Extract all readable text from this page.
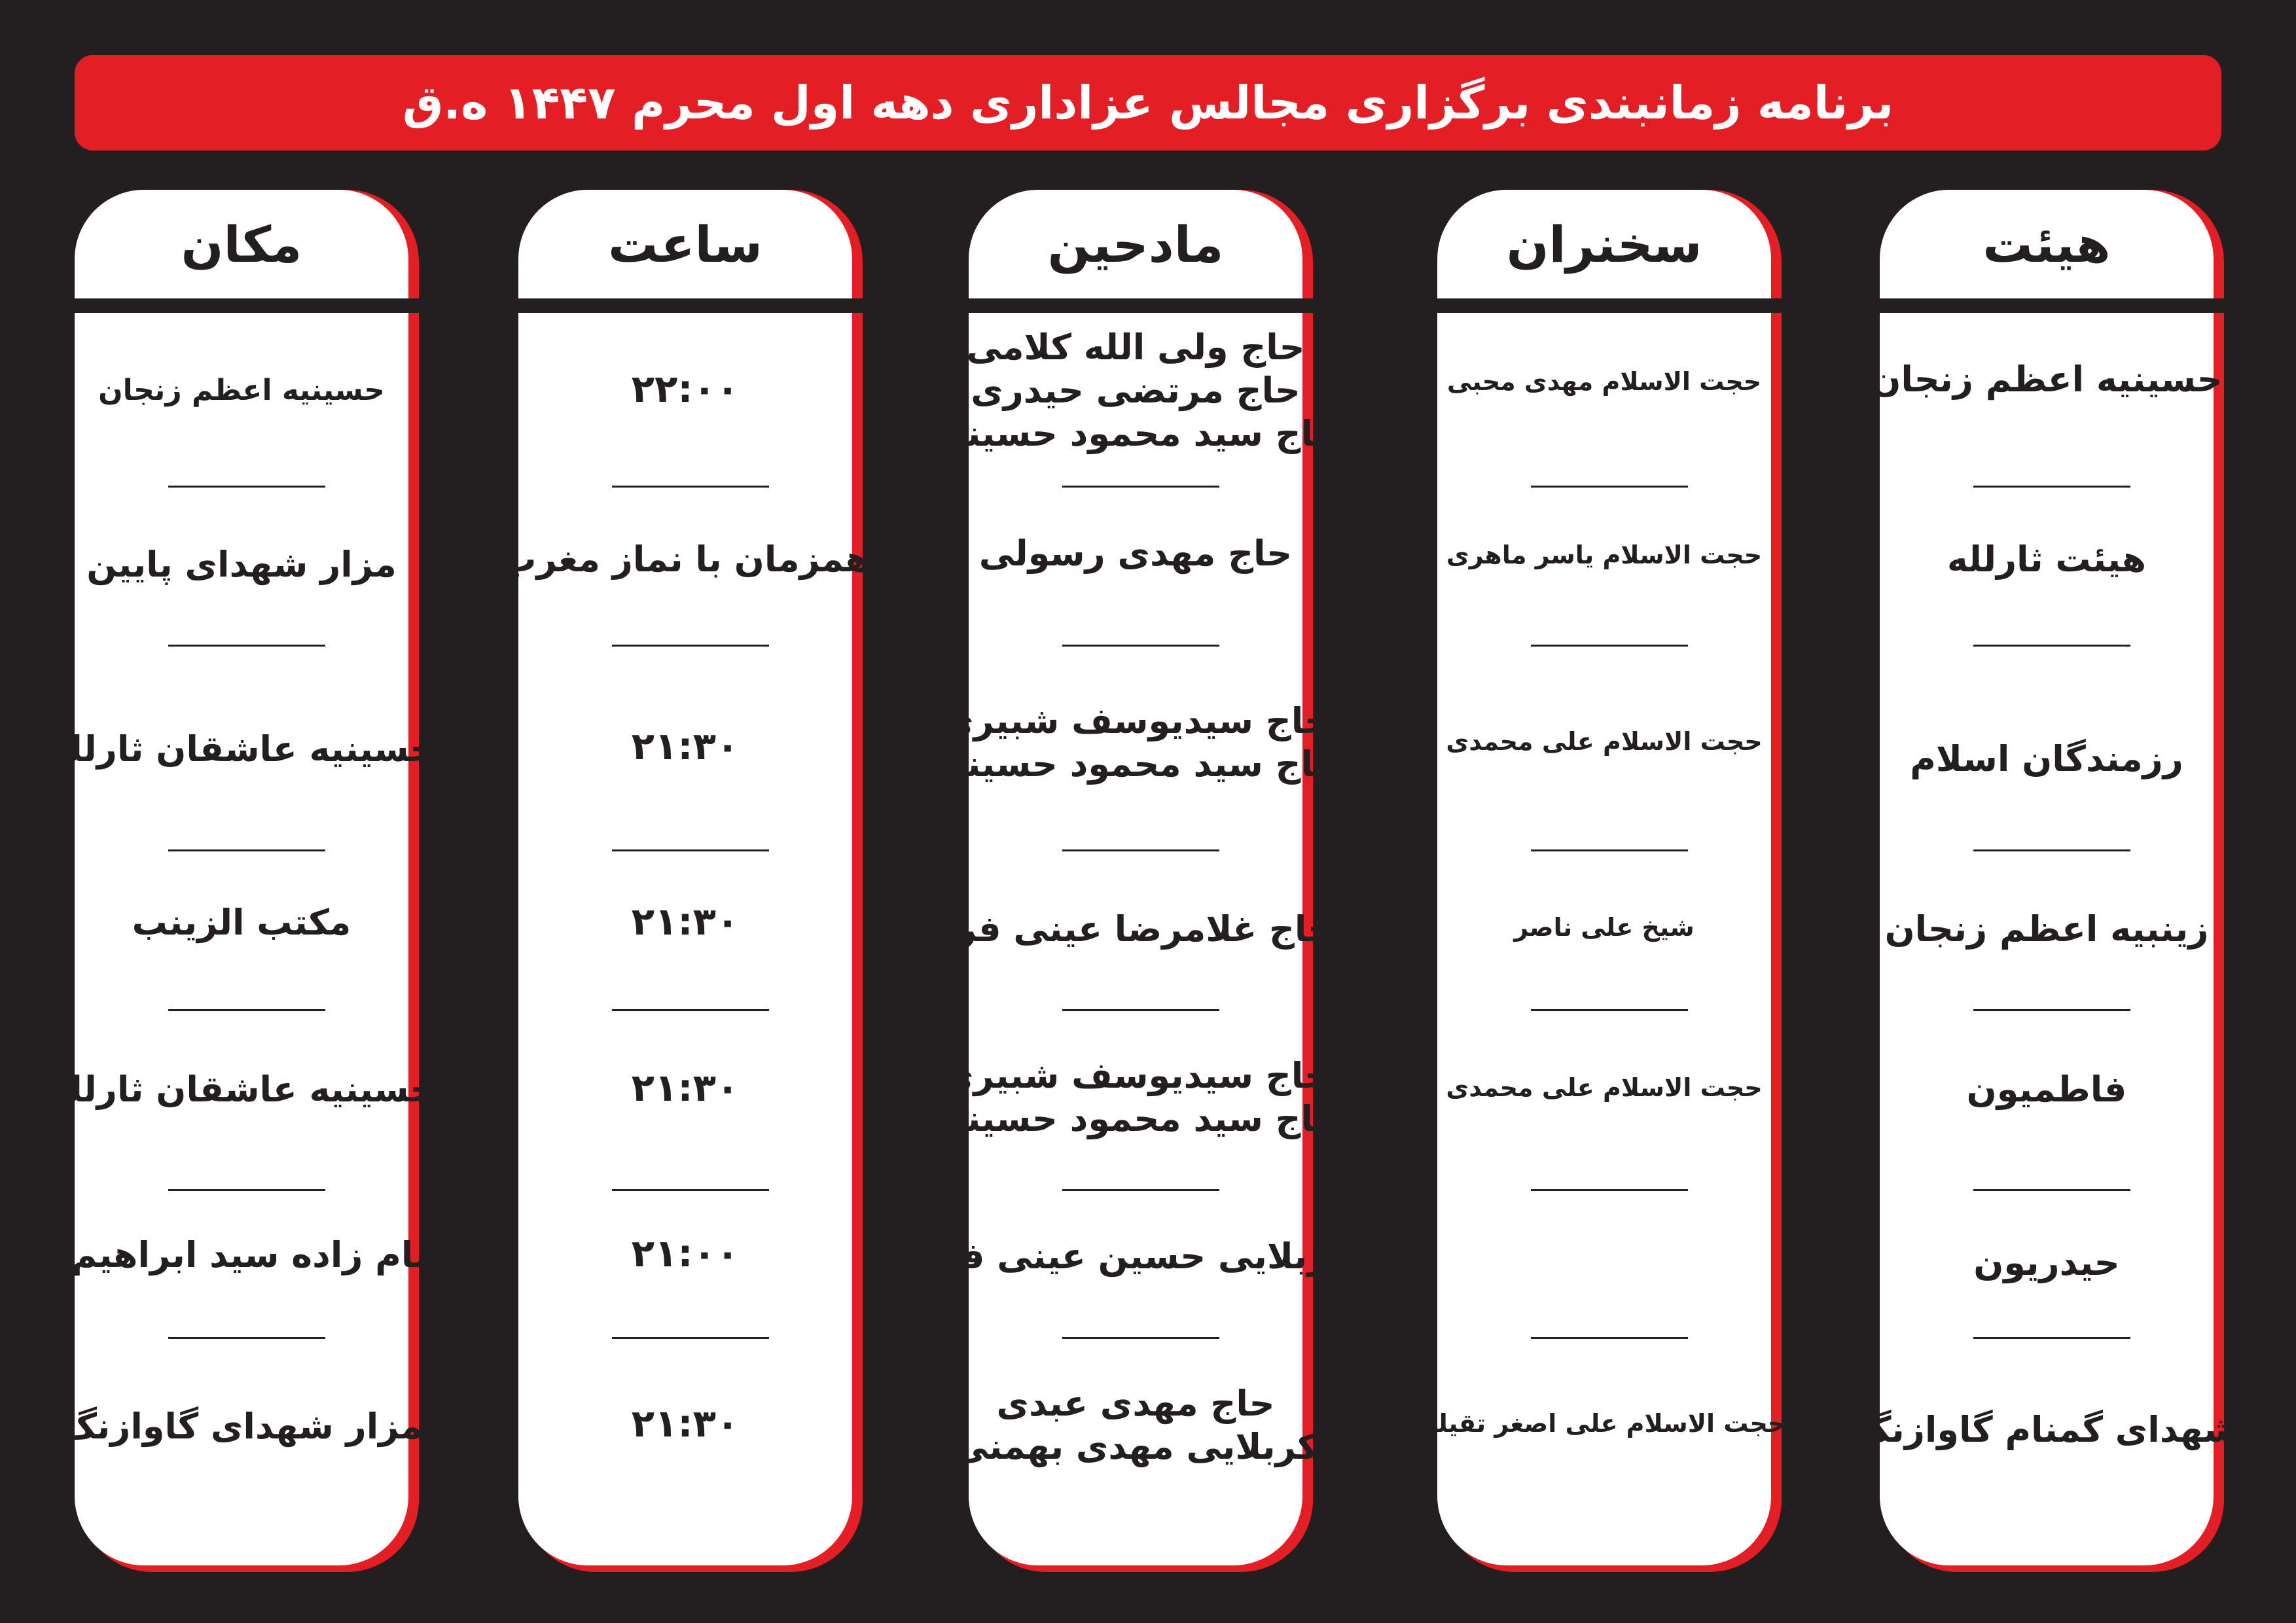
برنامه زمانبندی برگزاری مجالس عزاداری دهه اول محرم ۱۴۴۷ ه.ق
مکان
حسینیه اعظم زنجان
مزار شهدای پایین
حسینیه عاشقان ثارلله
مکتب الزینب
حسینیه عاشقان ثارلله
امام زاده سید ابراهیم ع
مزار شهدای گاوازنگ
ساعت
۲۲:۰۰
همزمان با نماز مغرب
۲۱:۳۰
۲۱:۳۰
۲۱:۳۰
۲۱:۰۰
۲۱:۳۰
مادحین
حاج ولی الله کلامی
حاج مرتضی حیدری
حاج سید محمود حسینی
حاج مهدی رسولی
حاج سیدیوسف شبیری
حاج سید محمود حسینی
حاج غلامرضا عینی فرد
حاج سیدیوسف شبیری
حاج سید محمود حسینی
کربلایی حسین عینی فرد
حاج مهدی عبدی
کربلایی مهدی بهمنی
سخنران
حجت الاسلام مهدی محبی
حجت الاسلام یاسر ماهری
حجت الاسلام علی محمدی
شیخ علی ناصر
حجت الاسلام علی محمدی
حجت الاسلام علی اصغر تقیلو
هیئت
حسینیه اعظم زنجان
هیئت ثارلله
رزمندگان اسلام
زینبیه اعظم زنجان
فاطمیون
حیدریون
شهدای گمنام گاوازنگ
